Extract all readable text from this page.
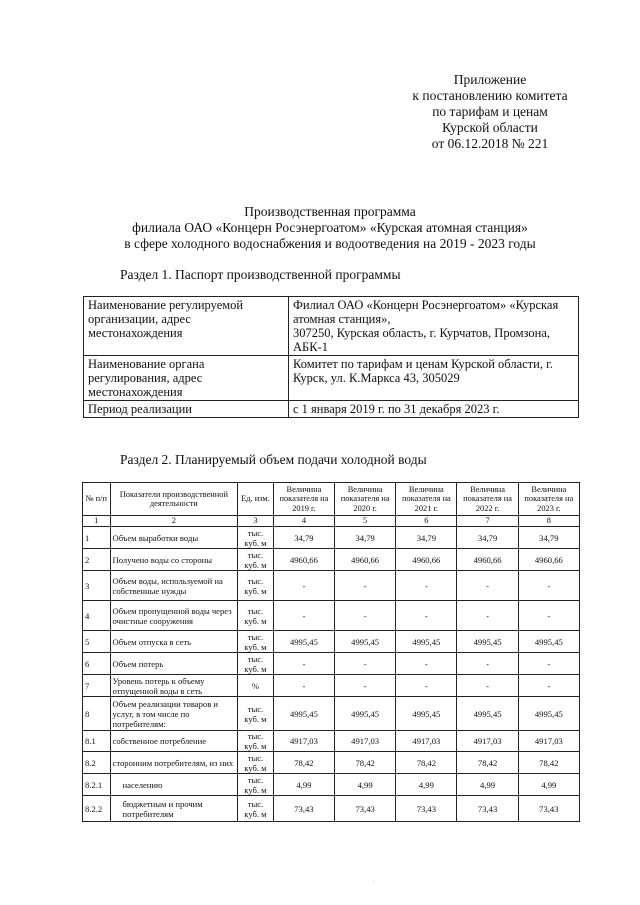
Приложение
к постановлению комитета
по тарифам и ценам
Курской области
от 06.12.2018 № 221
Производственная программа
филиала ОАО «Концерн Росэнергоатом» «Курская атомная станция»
в сфере холодного водоснабжения и водоотведения на 2019 - 2023 годы
Раздел 1. Паспорт производственной программы
Наименование регулируемой организации, адрес местонахождения	Филиал ОАО «Концерн Росэнергоатом» «Курская атомная станция»,
307250, Курская область, г. Курчатов, Промзона, АБК-1

Наименование органа регулирования, адрес местонахождения	Комитет по тарифам и ценам Курской области, г. Курск, ул. К.Маркса 43, 305029
Период реализации	с 1 января 2019 г. по 31 декабря 2023 г.
Раздел 2. Планируемый объем подачи холодной воды
№ п/п	Показатели производственной деятельности	Ед. изм.	Величина показателя на 2019 г.	Величина показателя на 2020 г.	Величина показателя на 2021 г.	Величина показателя на 2022 г.	Величина показателя на 2023 г.
1	2	3	4	5	6	7	8
1	Объем выработки воды	тыс. куб. м	34,79	34,79	34,79	34,79	34,79
2	Получено воды со стороны	тыс. куб. м	4960,66	4960,66	4960,66	4960,66	4960,66
3	Объем воды, используемой на собственные нужды	тыс. куб. м	-	-	-	-	-
4	Объем пропущенной воды через очистные сооружения	тыс. куб. м	-	-	-	-	-
5	Объем отпуска в сеть	тыс. куб. м	4995,45	4995,45	4995,45	4995,45	4995,45
6	Объем потерь	тыс. куб. м	-	-	-	-	-
7	Уровень потерь к объему отпущенной воды в сеть	%	-	-	-	-	-
8	Объем реализации товаров и услуг, в том числе по потребителям:	тыс. куб. м	4995,45	4995,45	4995,45	4995,45	4995,45
8.1	собственное потребление	тыс. куб. м	4917,03	4917,03	4917,03	4917,03	4917,03
8.2	сторонним потребителям, из них	тыс. куб. м	78,42	78,42	78,42	78,42	78,42
8.2.1	населению	тыс. куб. м	4,99	4,99	4,99	4,99	4,99
8.2.2	бюджетным и прочим потребителям	тыс. куб. м	73,43	73,43	73,43	73,43	73,43
.
